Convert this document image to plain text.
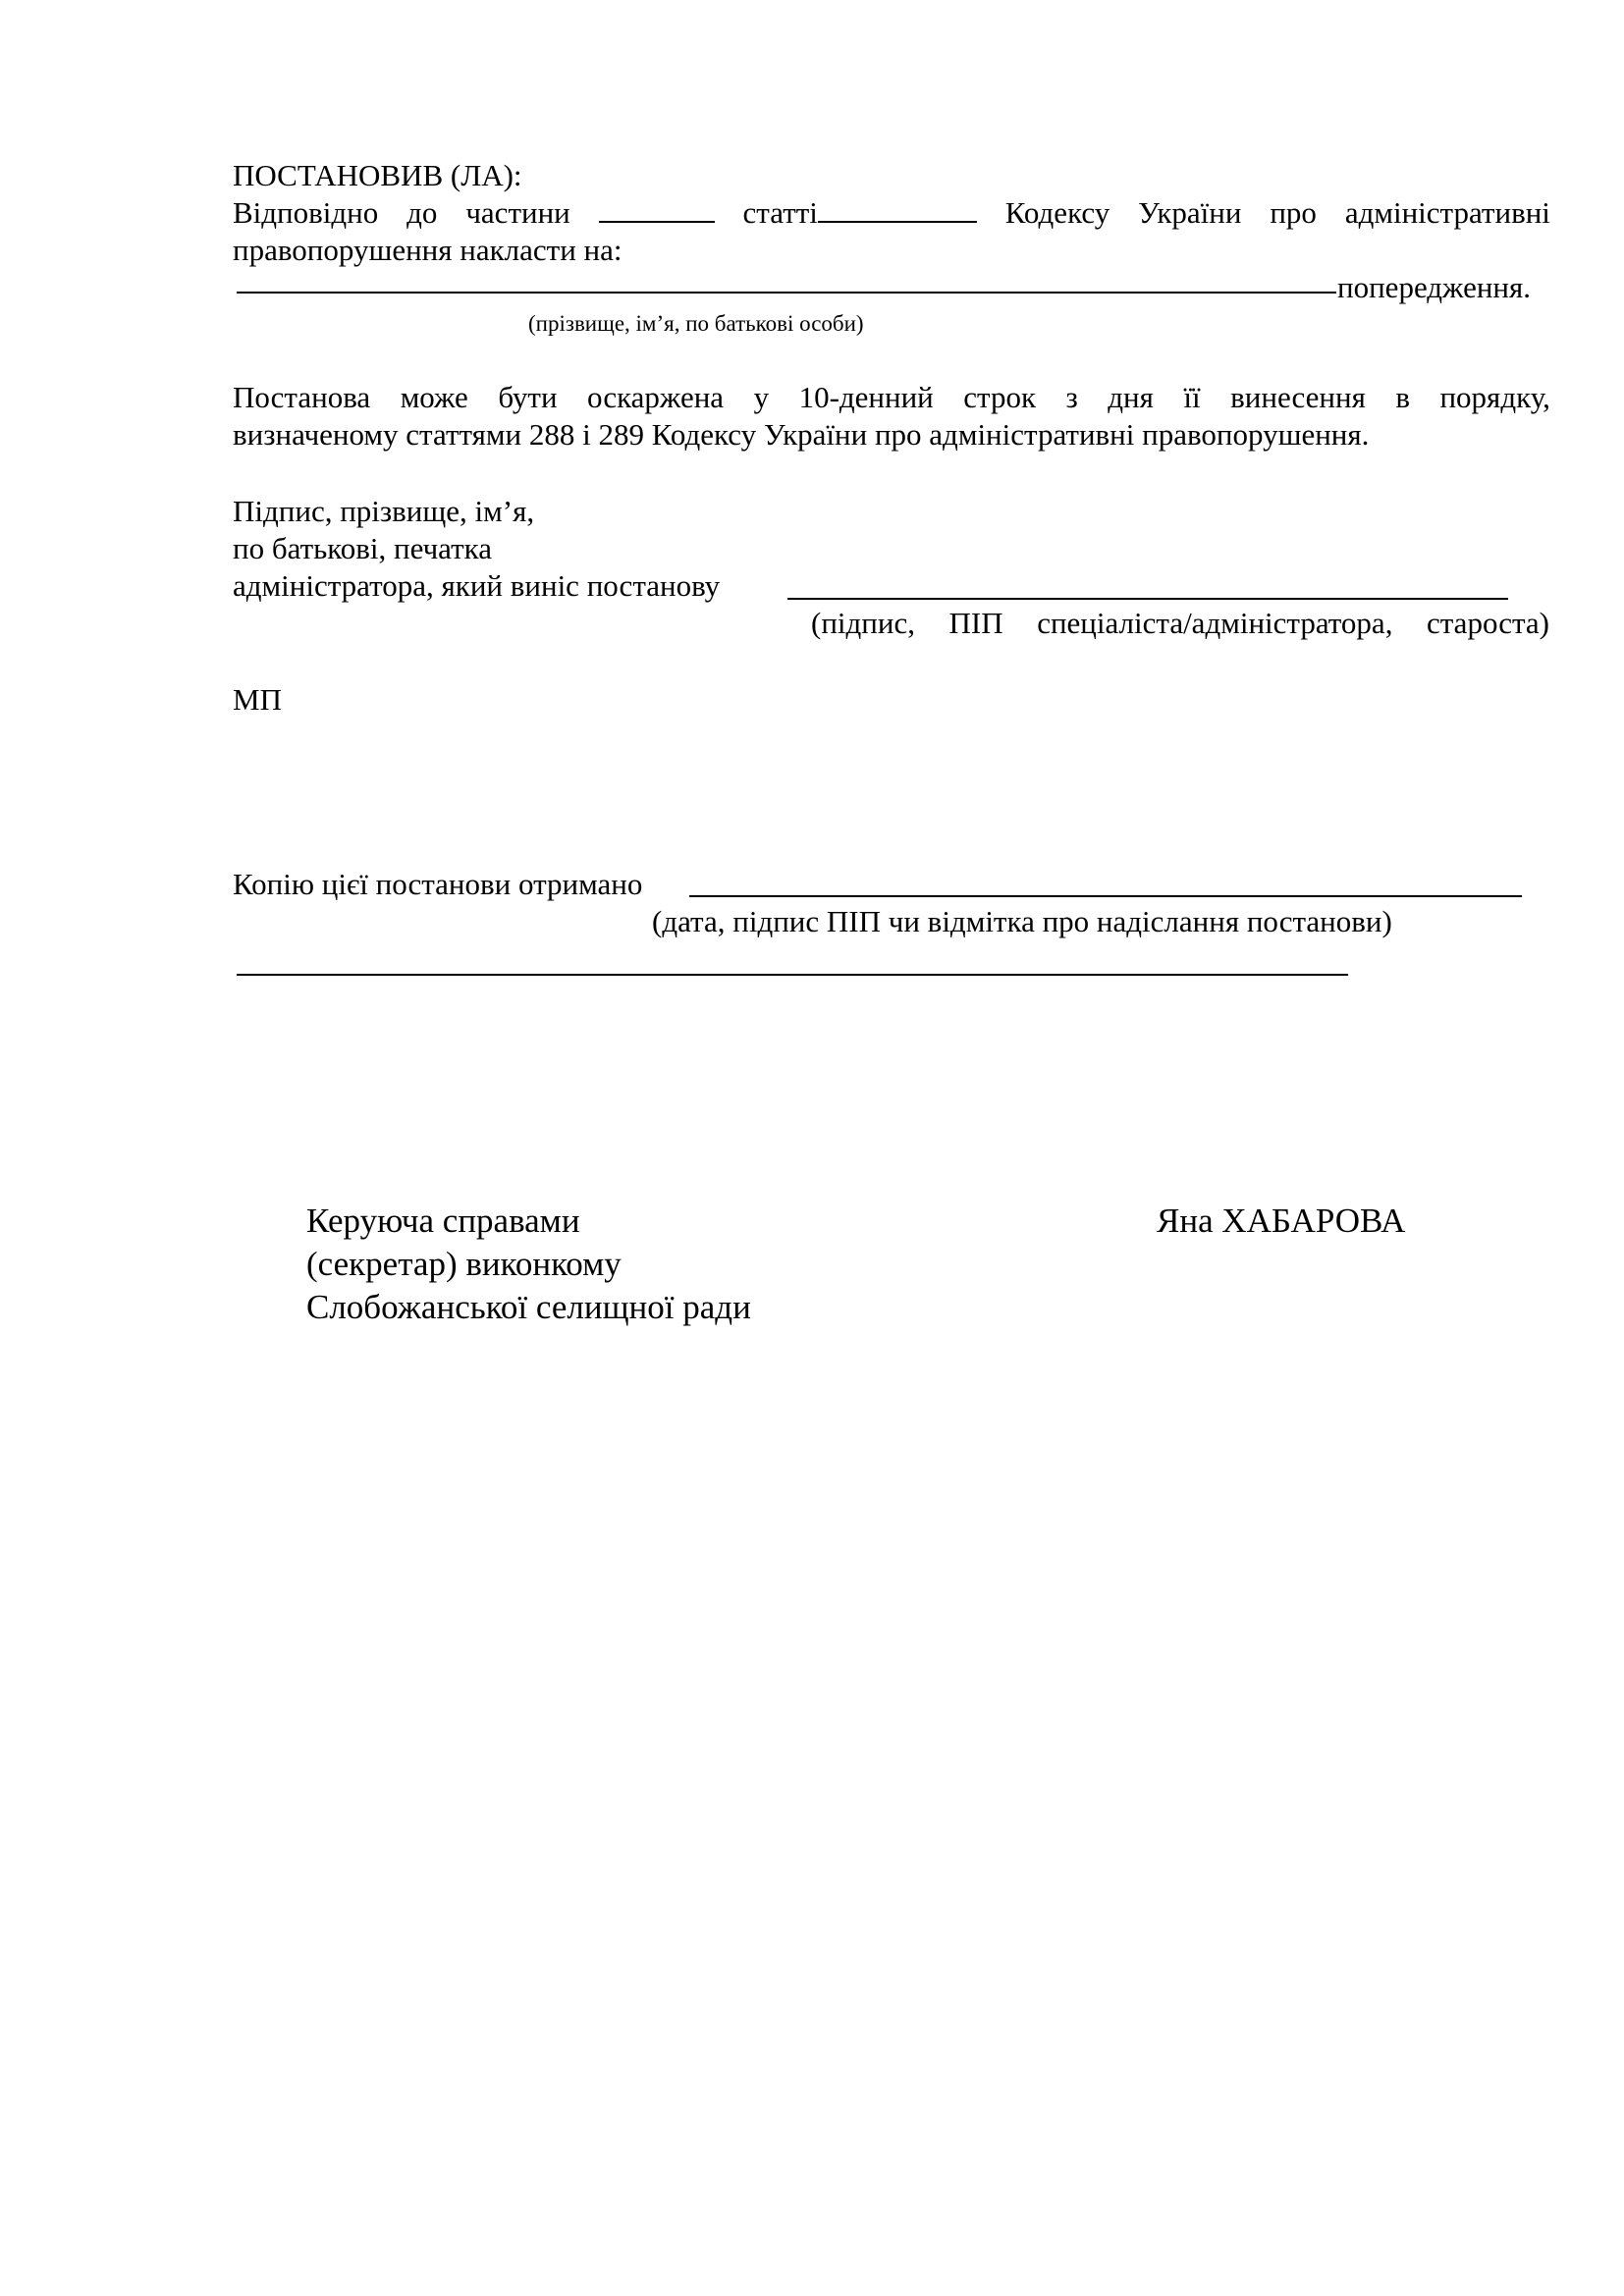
ПОСТАНОВИВ (ЛА):
Відповідно до частини	статті	Кодексу України про адміністративні
правопорушення накласти на:
попередження.
(прізвище, ім’я, по батькові особи)
Постанова може бути оскаржена у 10-денний строк з дня її винесення в порядку,
визначеному статтями 288 і 289 Кодексу України про адміністративні правопорушення.
Підпис, прізвище, ім’я,
по батькові, печатка
адміністратора, який виніс постанову
(підпис, ПІП спеціаліста/адміністратора, староста)
МП
Копію цієї постанови отримано
(дата, підпис ПІП чи відмітка про надіслання постанови)
Керуюча справами
(секретар) виконкому
Слобожанської селищної ради
Яна ХАБАРОВА
